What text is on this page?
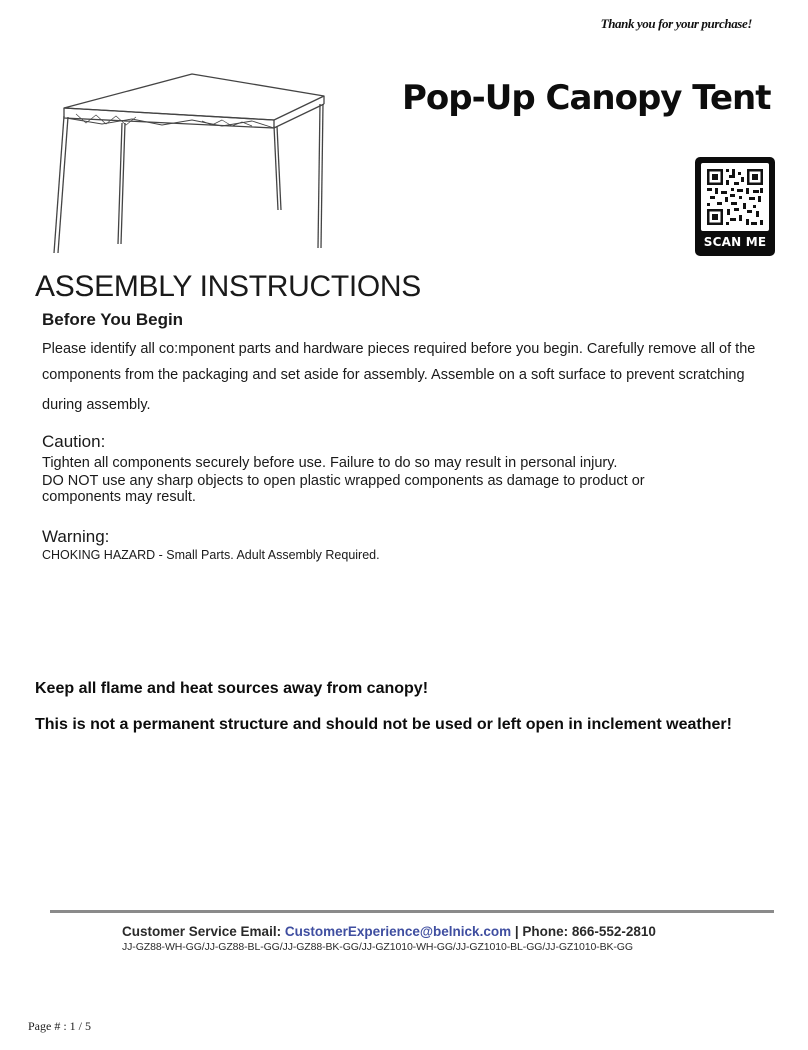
Thank you for your purchase!
Pop-Up Canopy Tent
SCAN ME
ASSEMBLY INSTRUCTIONS
Before You Begin
Please identify all co:mponent parts and hardware pieces required before you begin. Carefully remove all of the
components from the packaging and set aside for assembly. Assemble on a soft surface to prevent scratching
during assembly.
Caution:
Tighten all components securely before use. Failure to do so may result in personal injury.
DO NOT use any sharp objects to open plastic wrapped components as damage to product or components may result.
Warning:
CHOKING HAZARD - Small Parts. Adult Assembly Required.
Keep all flame and heat sources away from canopy!
This is not a permanent structure and should not be used or left open in inclement weather!
Customer Service Email: CustomerExperience@belnick.com | Phone: 866-552-2810
JJ-GZ88-WH-GG/JJ-GZ88-BL-GG/JJ-GZ88-BK-GG/JJ-GZ1010-WH-GG/JJ-GZ1010-BL-GG/JJ-GZ1010-BK-GG
Page # : 1 / 5
